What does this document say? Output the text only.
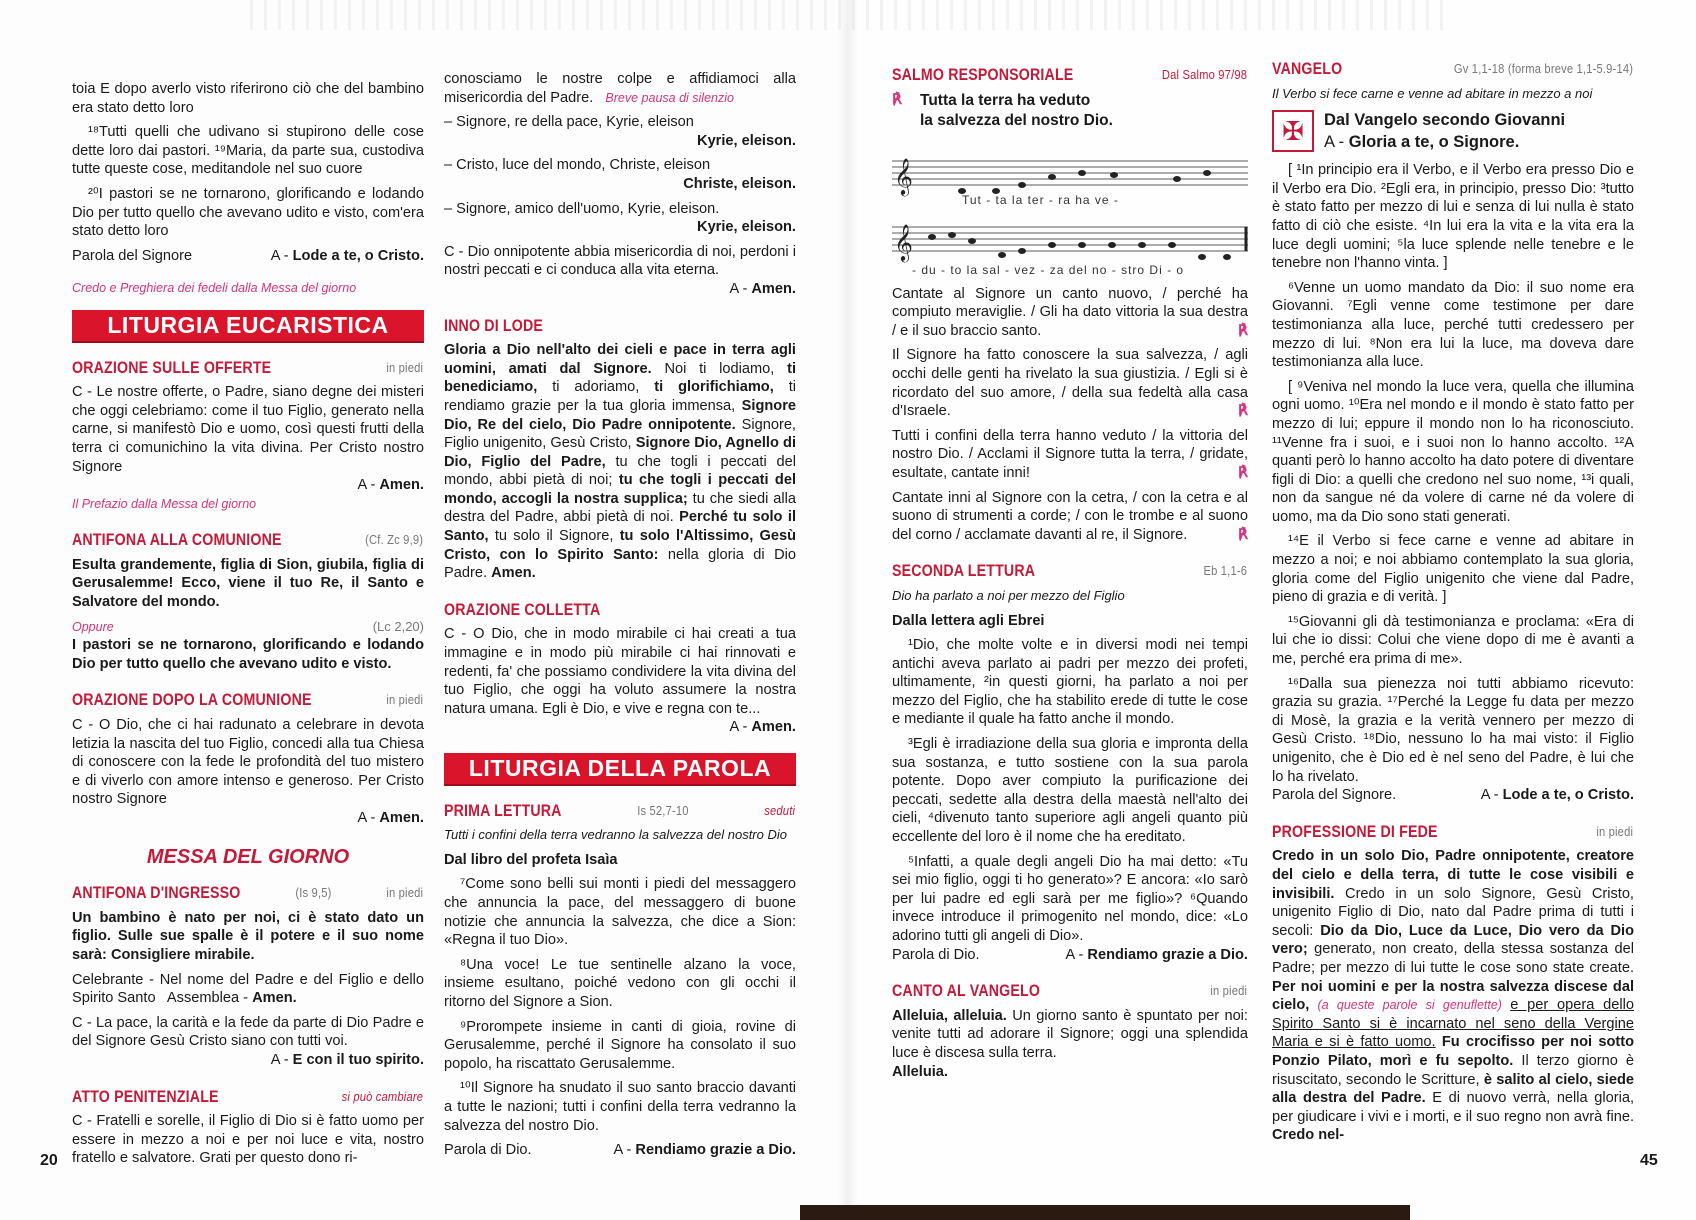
toia E dopo averlo visto riferirono ciò che del bambino era stato detto loro

¹⁸Tutti quelli che udivano si stupirono delle cose dette loro dai pastori. ¹⁹Maria, da parte sua, custodiva tutte queste cose, meditandole nel suo cuore

²⁰I pastori se ne tornarono, glorificando e lodando Dio per tutto quello che avevano udito e visto, com'era stato detto loro

Parola del Signore	A - Lode a te, o Cristo.

Credo e Preghiera dei fedeli dalla Messa del giorno

LITURGIA EUCARISTICA
ORAZIONE SULLE OFFERTE	in piedi

C - Le nostre offerte, o Padre, siano degne dei misteri che oggi celebriamo: come il tuo Figlio, generato nella carne, si manifestò Dio e uomo, così questi frutti della terra ci comunichino la vita divina. Per Cristo nostro Signore

A - Amen.

Il Prefazio dalla Messa del giorno

ANTIFONA ALLA COMUNIONE	(Cf. Zc 9,9)

Esulta grandemente, figlia di Sion, giubila, figlia di Gerusalemme! Ecco, viene il tuo Re, il Santo e Salvatore del mondo.

Oppure	(Lc 2,20)

I pastori se ne tornarono, glorificando e lodando Dio per tutto quello che avevano udito e visto.

ORAZIONE DOPO LA COMUNIONE	in piedi

C - O Dio, che ci hai radunato a celebrare in devota letizia la nascita del tuo Figlio, concedi alla tua Chiesa di conoscere con la fede le profondità del tuo mistero e di viverlo con amore intenso e generoso. Per Cristo nostro Signore

A - Amen.
MESSA DEL GIORNO
ANTIFONA D'INGRESSO	(Is 9,5)	in piedi

Un bambino è nato per noi, ci è stato dato un figlio. Sulle sue spalle è il potere e il suo nome sarà: Consigliere mirabile.

Celebrante - Nel nome del Padre e del Figlio e dello Spirito Santo Assemblea - Amen.

C - La pace, la carità e la fede da parte di Dio Padre e del Signore Gesù Cristo siano con tutti voi.

A - E con il tuo spirito.
ATTO PENITENZIALE	si può cambiare

C - Fratelli e sorelle, il Figlio di Dio si è fatto uomo per essere in mezzo a noi e per noi luce e vita, nostro fratello e salvatore. Grati per questo dono ri-

conosciamo le nostre colpe e affidiamoci alla misericordia del Padre. Breve pausa di silenzio

– Signore, re della pace, Kyrie, eleison

Kyrie, eleison.

– Cristo, luce del mondo, Christe, eleison

Christe, eleison.

– Signore, amico dell'uomo, Kyrie, eleison.

Kyrie, eleison.

C - Dio onnipotente abbia misericordia di noi, perdoni i nostri peccati e ci conduca alla vita eterna.

A - Amen.
INNO DI LODE

Gloria a Dio nell'alto dei cieli e pace in terra agli uomini, amati dal Signore. Noi ti lodiamo, ti benediciamo, ti adoriamo, ti glorifichiamo, ti rendiamo grazie per la tua gloria immensa, Signore Dio, Re del cielo, Dio Padre onnipotente. Signore, Figlio unigenito, Gesù Cristo, Signore Dio, Agnello di Dio, Figlio del Padre, tu che togli i peccati del mondo, abbi pietà di noi; tu che togli i peccati del mondo, accogli la nostra supplica; tu che siedi alla destra del Padre, abbi pietà di noi. Perché tu solo il Santo, tu solo il Signore, tu solo l'Altissimo, Gesù Cristo, con lo Spirito Santo: nella gloria di Dio Padre. Amen.

ORAZIONE COLLETTA

C - O Dio, che in modo mirabile ci hai creati a tua immagine e in modo più mirabile ci hai rinnovati e redenti, fa' che possiamo condividere la vita divina del tuo Figlio, che oggi ha voluto assumere la nostra natura umana. Egli è Dio, e vive e regna con te...

A - Amen.
LITURGIA DELLA PAROLA
PRIMA LETTURA	Is 52,7-10	seduti

Tutti i confini della terra vedranno la salvezza del nostro Dio

Dal libro del profeta Isaìa

⁷Come sono belli sui monti i piedi del messaggero che annuncia la pace, del messaggero di buone notizie che annuncia la salvezza, che dice a Sion: «Regna il tuo Dio».

⁸Una voce! Le tue sentinelle alzano la voce, insieme esultano, poiché vedono con gli occhi il ritorno del Signore a Sion.

⁹Prorompete insieme in canti di gioia, rovine di Gerusalemme, perché il Signore ha consolato il suo popolo, ha riscattato Gerusalemme.

¹⁰Il Signore ha snudato il suo santo braccio davanti a tutte le nazioni; tutti i confini della terra vedranno la salvezza del nostro Dio.

Parola di Dio.	A - Rendiamo grazie a Dio.
SALMO RESPONSORIALE	Dal Salmo 97/98
℟	Tutta la terra ha veduto
la salvezza del nostro Dio.
𝄞
𝄞
Tut - ta la ter - ra ha ve -
- du - to la sal - vez - za del no - stro Di - o

Cantate al Signore un canto nuovo, / perché ha compiuto meraviglie. / Gli ha dato vittoria la sua destra / e il suo braccio santo.	℟

Il Signore ha fatto conoscere la sua salvezza, / agli occhi delle genti ha rivelato la sua giustizia. / Egli si è ricordato del suo amore, / della sua fedeltà alla casa d'Israele.	℟

Tutti i confini della terra hanno veduto / la vittoria del nostro Dio. / Acclami il Signore tutta la terra, / gridate, esultate, cantate inni!	℟

Cantate inni al Signore con la cetra, / con la cetra e al suono di strumenti a corde; / con le trombe e al suono del corno / acclamate davanti al re, il Signore.	℟

SECONDA LETTURA	Eb 1,1-6

Dio ha parlato a noi per mezzo del Figlio

Dalla lettera agli Ebrei

¹Dio, che molte volte e in diversi modi nei tempi antichi aveva parlato ai padri per mezzo dei profeti, ultimamente, ²in questi giorni, ha parlato a noi per mezzo del Figlio, che ha stabilito erede di tutte le cose e mediante il quale ha fatto anche il mondo.

³Egli è irradiazione della sua gloria e impronta della sua sostanza, e tutto sostiene con la sua parola potente. Dopo aver compiuto la purificazione dei peccati, sedette alla destra della maestà nell'alto dei cieli, ⁴divenuto tanto superiore agli angeli quanto più eccellente del loro è il nome che ha ereditato.

⁵Infatti, a quale degli angeli Dio ha mai detto: «Tu sei mio figlio, oggi ti ho generato»? E ancora: «Io sarò per lui padre ed egli sarà per me figlio»? ⁶Quando invece introduce il primogenito nel mondo, dice: «Lo adorino tutti gli angeli di Dio».

Parola di Dio.	A - Rendiamo grazie a Dio.
CANTO AL VANGELO	in piedi

Alleluia, alleluia. Un giorno santo è spuntato per noi: venite tutti ad adorare il Signore; oggi una splendida luce è discesa sulla terra.
Alleluia.

VANGELO	Gv 1,1-18 (forma breve 1,1-5.9-14)

Il Verbo si fece carne e venne ad abitare in mezzo a noi

✠	Dal Vangelo secondo Giovanni
A - Gloria a te, o Signore.

[ ¹In principio era il Verbo, e il Verbo era presso Dio e il Verbo era Dio. ²Egli era, in principio, presso Dio: ³tutto è stato fatto per mezzo di lui e senza di lui nulla è stato fatto di ciò che esiste. ⁴In lui era la vita e la vita era la luce degli uomini; ⁵la luce splende nelle tenebre e le tenebre non l'hanno vinta. ]

⁶Venne un uomo mandato da Dio: il suo nome era Giovanni. ⁷Egli venne come testimone per dare testimonianza alla luce, perché tutti credessero per mezzo di lui. ⁸Non era lui la luce, ma doveva dare testimonianza alla luce.

[ ⁹Veniva nel mondo la luce vera, quella che illumina ogni uomo. ¹⁰Era nel mondo e il mondo è stato fatto per mezzo di lui; eppure il mondo non lo ha riconosciuto. ¹¹Venne fra i suoi, e i suoi non lo hanno accolto. ¹²A quanti però lo hanno accolto ha dato potere di diventare figli di Dio: a quelli che credono nel suo nome, ¹³i quali, non da sangue né da volere di carne né da volere di uomo, ma da Dio sono stati generati.

¹⁴E il Verbo si fece carne e venne ad abitare in mezzo a noi; e noi abbiamo contemplato la sua gloria, gloria come del Figlio unigenito che viene dal Padre, pieno di grazia e di verità. ]

¹⁵Giovanni gli dà testimonianza e proclama: «Era di lui che io dissi: Colui che viene dopo di me è avanti a me, perché era prima di me».

¹⁶Dalla sua pienezza noi tutti abbiamo ricevuto: grazia su grazia. ¹⁷Perché la Legge fu data per mezzo di Mosè, la grazia e la verità vennero per mezzo di Gesù Cristo. ¹⁸Dio, nessuno lo ha mai visto: il Figlio unigenito, che è Dio ed è nel seno del Padre, è lui che lo ha rivelato.

Parola del Signore.	A - Lode a te, o Cristo.
PROFESSIONE DI FEDE	in piedi

Credo in un solo Dio, Padre onnipotente, creatore del cielo e della terra, di tutte le cose visibili e invisibili. Credo in un solo Signore, Gesù Cristo, unigenito Figlio di Dio, nato dal Padre prima di tutti i secoli: Dio da Dio, Luce da Luce, Dio vero da Dio vero; generato, non creato, della stessa sostanza del Padre; per mezzo di lui tutte le cose sono state create. Per noi uomini e per la nostra salvezza discese dal cielo, (a queste parole si genuflette) e per opera dello Spirito Santo si è incarnato nel seno della Vergine Maria e si è fatto uomo. Fu crocifisso per noi sotto Ponzio Pilato, morì e fu sepolto. Il terzo giorno è risuscitato, secondo le Scritture, è salito al cielo, siede alla destra del Padre. E di nuovo verrà, nella gloria, per giudicare i vivi e i morti, e il suo regno non avrà fine. Credo nel-

20	45
